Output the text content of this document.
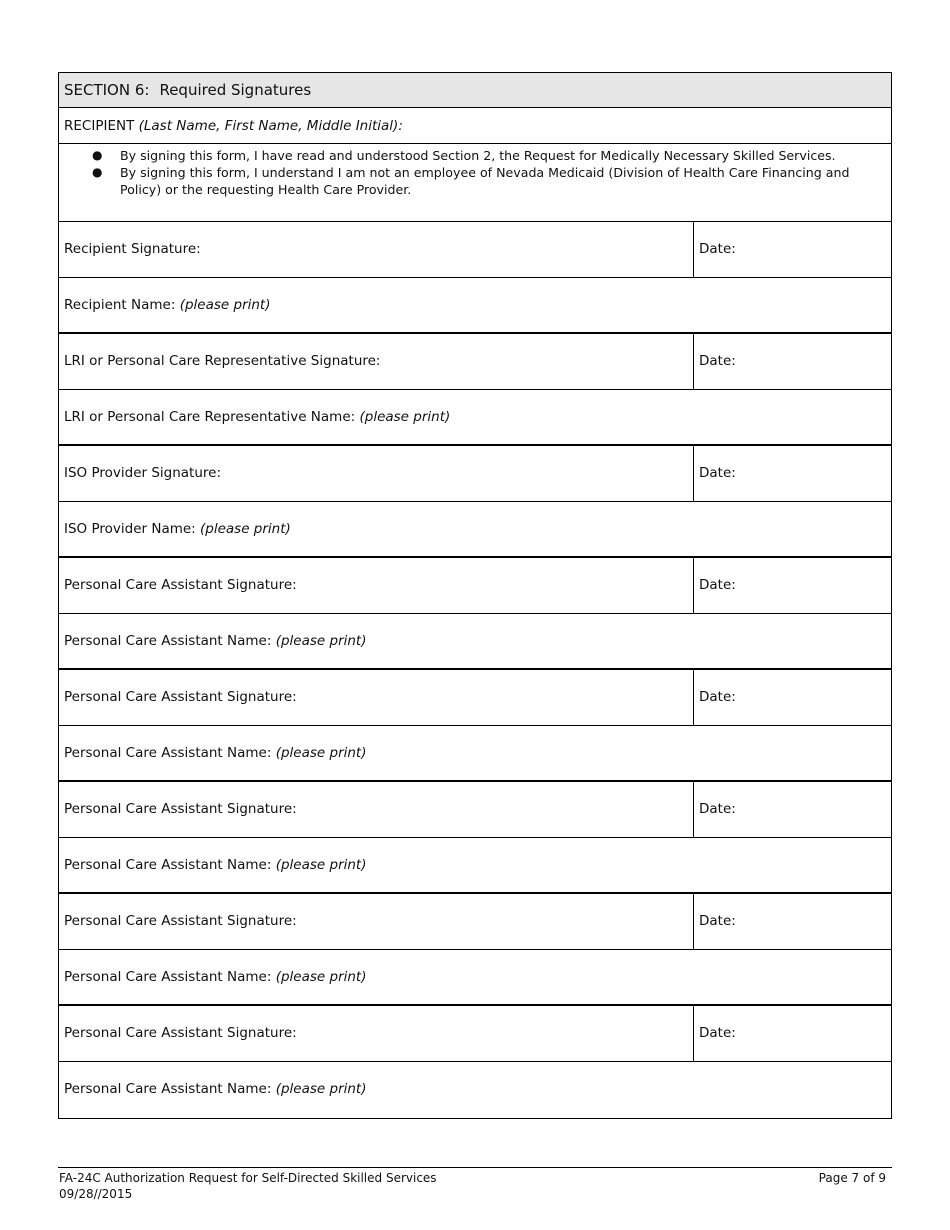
SECTION 6: Required Signatures
RECIPIENT (Last Name, First Name, Middle Initial):
● By signing this form, I have read and understood Section 2, the Request for Medically Necessary Skilled Services.
● By signing this form, I understand I am not an employee of Nevada Medicaid (Division of Health Care Financing and Policy) or the requesting Health Care Provider.
Recipient Signature:	Date:
Recipient Name: (please print)
LRI or Personal Care Representative Signature:	Date:
LRI or Personal Care Representative Name: (please print)
ISO Provider Signature:	Date:
ISO Provider Name: (please print)
Personal Care Assistant Signature:	Date:
Personal Care Assistant Name: (please print)
Personal Care Assistant Signature:	Date:
Personal Care Assistant Name: (please print)
Personal Care Assistant Signature:	Date:
Personal Care Assistant Name: (please print)
Personal Care Assistant Signature:	Date:
Personal Care Assistant Name: (please print)
Personal Care Assistant Signature:	Date:
Personal Care Assistant Name: (please print)
FA-24C Authorization Request for Self-Directed Skilled Services
09/28//2015
Page 7 of 9
